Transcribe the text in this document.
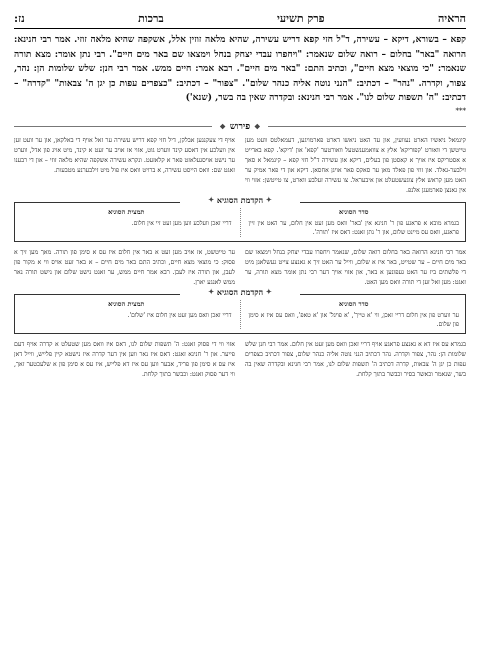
הראיה
פרק תשיעי
ברכות
נז:

קפא – בשורא, דיקא – עשירה, ד"ל חזי קפא דריש עשירה, שהיא מלאה זוזין אלל, אשקפה שהיא מלאה זוזי. אמר רבי חנינא: הרואה "באר" בחלום – רואה שלום שנאמר: "ויחפרו עבדי יצחק בנחל וימצאו שם באר מים חיים". רבי נתן אומר: מצא תורה שנאמר: "כי מוצאי מצא חיים", וכתיב התם: "באר מים חיים". רבא אמר: חיים ממש. אמר רבי חנן: שלש שלומות הן: נהר, צפור, וקדרה. "נהר" – דכתיב: "הנני נוטה אליה כנהר שלום". "צפור" – דכתיב: "כצפרים עפות כן יגן ה' צבאות" "קדרה" – דכתיב: "ה' תשפות שלום לנו". אמר רבי חנינא: ובקדרה שאין בה בשר, (שנא')

***
❖
פירוש
❖
קינמאל ניאשיו הארט נעוועין, און עד האט ניאשו דארט פארמויגען, דעמאלטס וועט מען טייטשן די וואורט 'קפוריקא' אלץ א צוואמענשטעל וואורטער 'קפא' און 'דיקא'. קפא באדייט א אסטריקס איז אויך א קאסטן פון בעלים, דיקא און עשירה ד"ל חזי קפא – קינמאל א סאך זילבער-גאלד. און זוזי פון פאלד מאן ער סאקס פאר אויגן אחסאן. דיקא און די פאר אמיק ער האט מען קראש אלץ צוגעשטעלט און איבעראל. צו עשירה זעלבע ווארט, צו טייטשן: אזוי ווי אין גאנצן פארמעגן אלנפ.
אויף די צעקנגען אבלקן, דיל חזי קפא דריש עשירה ער זאל אויף די באלקאן, און ער וועט זען אין וועלכע אין דאסע קינד ווערט גוט, אזוי אז אויב ער זעט א קינד, מיט אויג פון אדל, ווערט ער נישט אויסגעלאזט פאר א קלאזעט. ונקרא עשירה אשקפה שהיא מלאה זוזי – און די רבענו זאגט שם: וואס הייסט עשירה, א ברויט וואס איז פול מיט זילבערנע מטבעות.
✦

הקדמת הסוגיא

✦
סדר הסוגיא
בגמרא מובא א פראגע פון ר' חנינא אין 'באר' וואס מען זעט אין חלום, ער האט אין זיין פראגע, וואס עס מיינט שלום, און ר' נתן זאגט: דאס איז 'תורה'.
תמצית הסוגיא
דריי זאכן וועלכע ווען מען זעט זיי אין חלום.
אמר רבי חנינא הרואה באר בחלום רואה שלום, שנאמר ויחפרו עבדי יצחק בנחל וימצאו שם באר מים חיים – ער שטייט, באר איז א שלום, ווייל ער האט זיך א גאנצע צייט געשלאגן מיט די פלשתים ביז ער האט געפונען א באר, און אזוי אויך דער רבי נתן אומר מצא תורה, ער זאגט: מען זאל זען די תורה וואס מען האט.
ער טייטשט, אז אויב מען זעט א באר אין חלום איז עס א סימן פון תורה. מאך מען זיך א פסוק: כי מוצאי מצא חיים, וכתיב התם באר מים חיים – א באר זעט אויס ווי א מקור פון לעבן, און תורה איז לעבן. רבא אמר חיים ממש, ער זאגט נישט שלום און נישט תורה נאר ממש לאנגע יארן.
✦

הקדמת הסוגיא

✦
סדר הסוגיא
ער ווערט פון אין חלום דריי זאכן, ווי 'א טייך', 'א פויגל' און 'א טאפ', וואס עס איז א סימן פון שלום.
תמצית הסוגיא
דריי זאכן וואס מען זעט אין חלום איז 'שלום'.
בגמרא עס איז דא א גאנצע פראגע אויף דריי זאכן וואס מען זעט אין חלום. אמר רבי חנן שלש שלומות הן: נהר, צפור וקדרה. נהר דכתיב הנני נוטה אליה כנהר שלום, צפור דכתיב כצפרים עפות כן יגן ה' צבאות, קדרה דכתיב ה' תשפות שלום לנו, אמר רבי חנינא ובקדרה שאין בה בשר, שנאמר וכאשר בסיר וכבשר בתוך קלחת.
אזוי ווי די פסוק זאגט: ה' תשפות שלום לנו, דאס איז וואס מען שטעלט א קדרה אויף דעם פייער. און ר' חנינא זאגט: דאס איז נאר ווען אין דער קדרה איז נישטא קיין פלייש, ווייל דאן איז עס א סימן פון פריד, אבער ווען עס איז דא פלייש, איז עס א סימן פון א שלעכטער זאך, ווי דער פסוק זאגט: וכבשר בתוך קלחת.
